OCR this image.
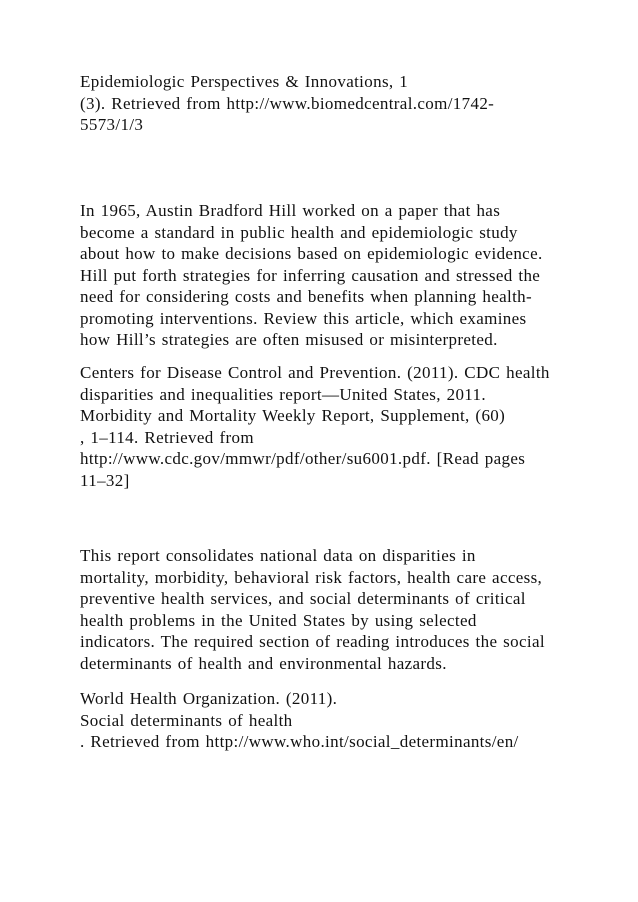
Epidemiologic Perspectives & Innovations, 1
(3). Retrieved from http://www.biomedcentral.com/1742-
5573/1/3
In 1965, Austin Bradford Hill worked on a paper that has
become a standard in public health and epidemiologic study
about how to make decisions based on epidemiologic evidence.
Hill put forth strategies for inferring causation and stressed the
need for considering costs and benefits when planning health-
promoting interventions. Review this article, which examines
how Hill’s strategies are often misused or misinterpreted.
Centers for Disease Control and Prevention. (2011). CDC health
disparities and inequalities report—United States, 2011.
Morbidity and Mortality Weekly Report, Supplement, (60)
, 1–114. Retrieved from
http://www.cdc.gov/mmwr/pdf/other/su6001.pdf. [Read pages
11–32]
This report consolidates national data on disparities in
mortality, morbidity, behavioral risk factors, health care access,
preventive health services, and social determinants of critical
health problems in the United States by using selected
indicators. The required section of reading introduces the social
determinants of health and environmental hazards.
World Health Organization. (2011).
Social determinants of health
. Retrieved from http://www.who.int/social_determinants/en/
